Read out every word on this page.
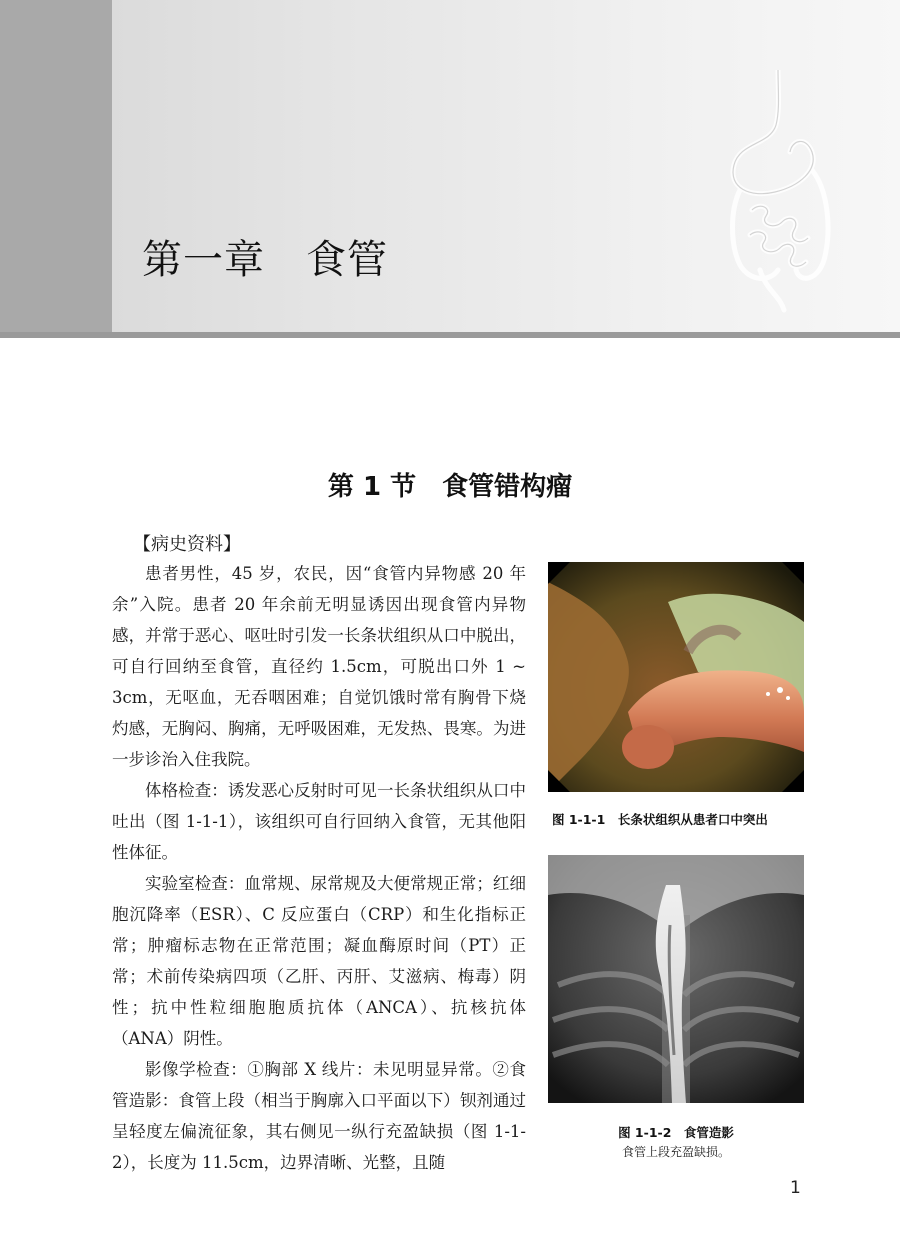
第一章　食管
第 1 节　食管错构瘤
【病史资料】

患者男性，45 岁，农民，因“食管内异物感 20 年余”入院。患者 20 年余前无明显诱因出现食管内异物感，并常于恶心、呕吐时引发一长条状组织从口中脱出，可自行回纳至食管，直径约 1.5cm，可脱出口外 1 ~ 3cm，无呕血，无吞咽困难；自觉饥饿时常有胸骨下烧灼感，无胸闷、胸痛，无呼吸困难，无发热、畏寒。为进一步诊治入住我院。

体格检查：诱发恶心反射时可见一长条状组织从口中吐出（图 1-1-1），该组织可自行回纳入食管，无其他阳性体征。

实验室检查：血常规、尿常规及大便常规正常；红细胞沉降率（ESR）、C 反应蛋白（CRP）和生化指标正常；肿瘤标志物在正常范围；凝血酶原时间（PT）正常；术前传染病四项（乙肝、丙肝、艾滋病、梅毒）阴性；抗中性粒细胞胞质抗体（ANCA）、抗核抗体（ANA）阴性。

影像学检查：①胸部 X 线片：未见明显异常。②食管造影：食管上段（相当于胸廓入口平面以下）钡剂通过呈轻度左偏流征象，其右侧见一纵行充盈缺损（图 1-1-2），长度为 11.5cm，边界清晰、光整，且随

图 1-1-1　长条状组织从患者口中突出
图 1-1-2　食管造影
食管上段充盈缺损。
1
